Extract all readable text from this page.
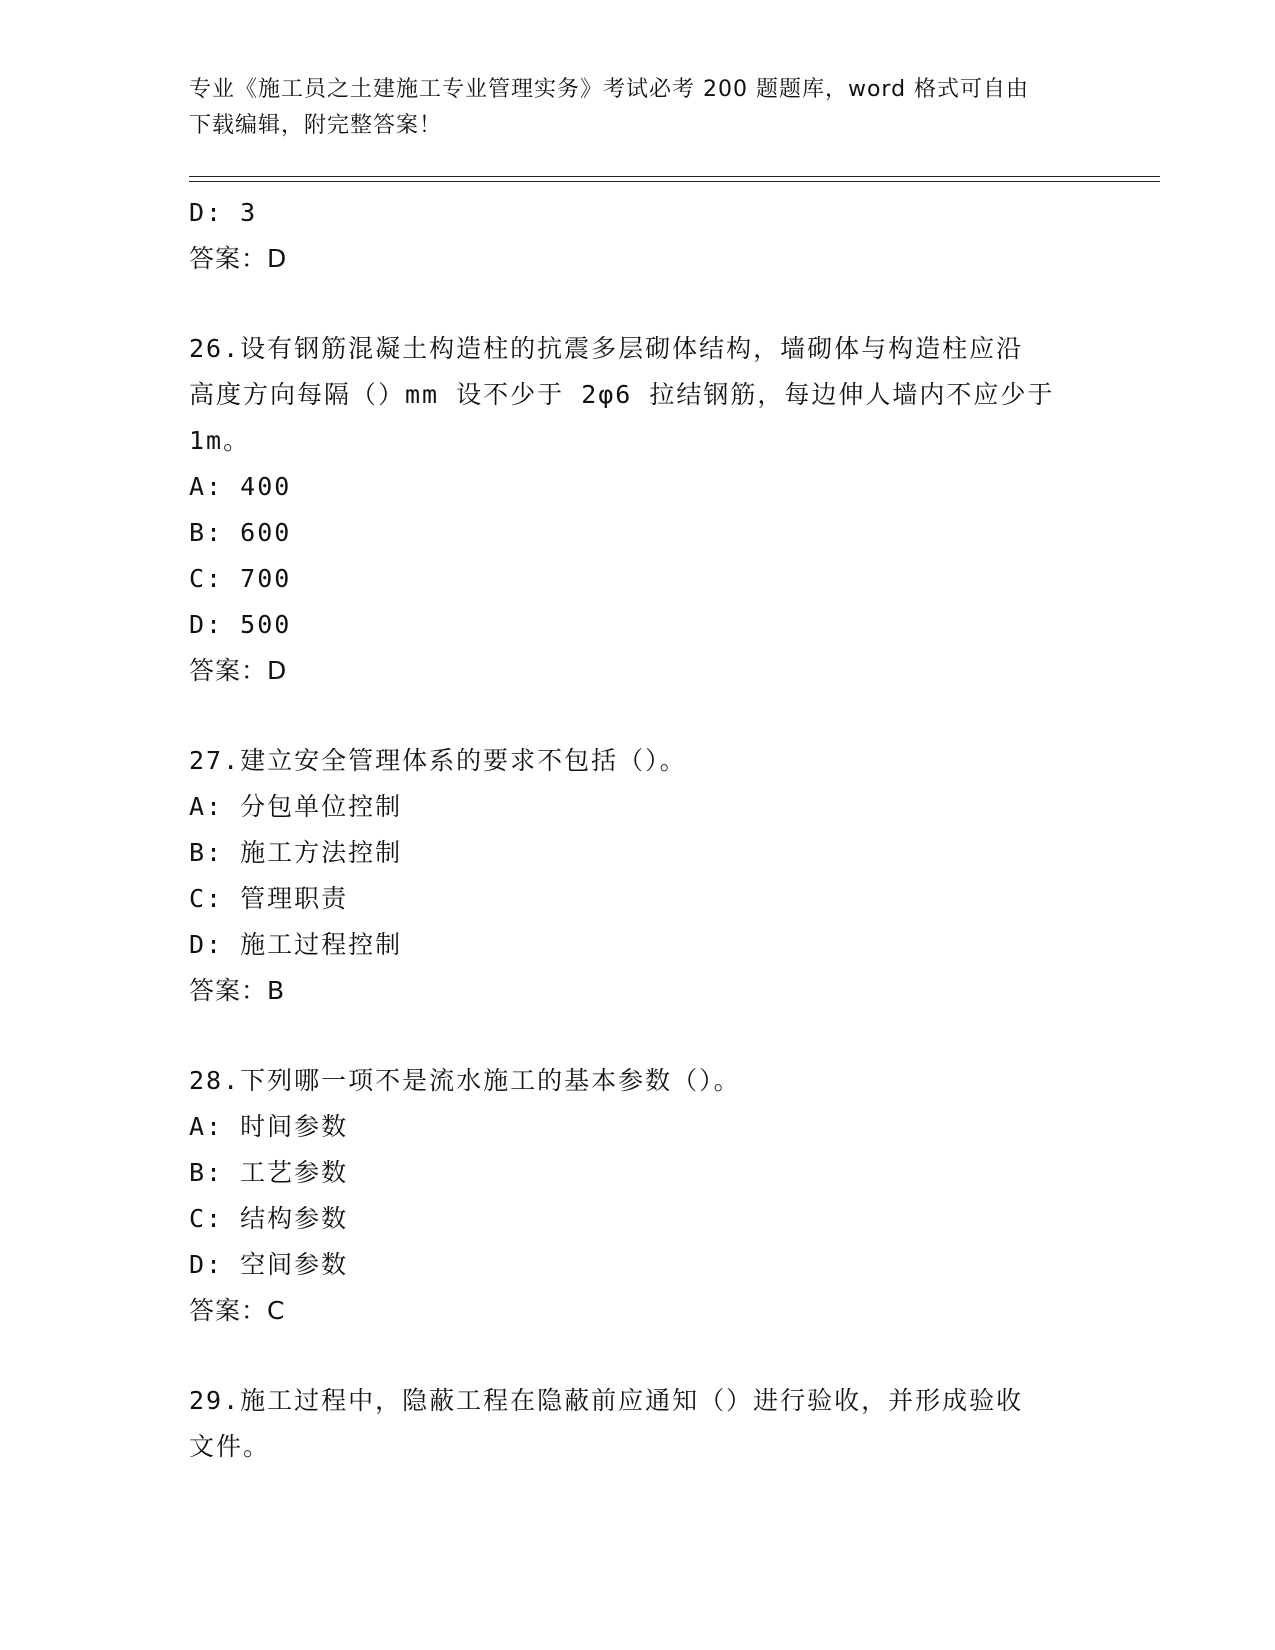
专业《施工员之土建施工专业管理实务》考试必考 200 题题库，word 格式可自由
下载编辑，附完整答案！
D: 3
答案：D
26.设有钢筋混凝土构造柱的抗震多层砌体结构，墙砌体与构造柱应沿
高度方向每隔（）mm 设不少于 2φ6 拉结钢筋，每边伸人墙内不应少于
1m。
A: 400
B: 600
C: 700
D: 500
答案：D
27.建立安全管理体系的要求不包括（）。
A: 分包单位控制
B: 施工方法控制
C: 管理职责
D: 施工过程控制
答案：B
28.下列哪一项不是流水施工的基本参数（）。
A: 时间参数
B: 工艺参数
C: 结构参数
D: 空间参数
答案：C
29.施工过程中，隐蔽工程在隐蔽前应通知（）进行验收，并形成验收
文件。
